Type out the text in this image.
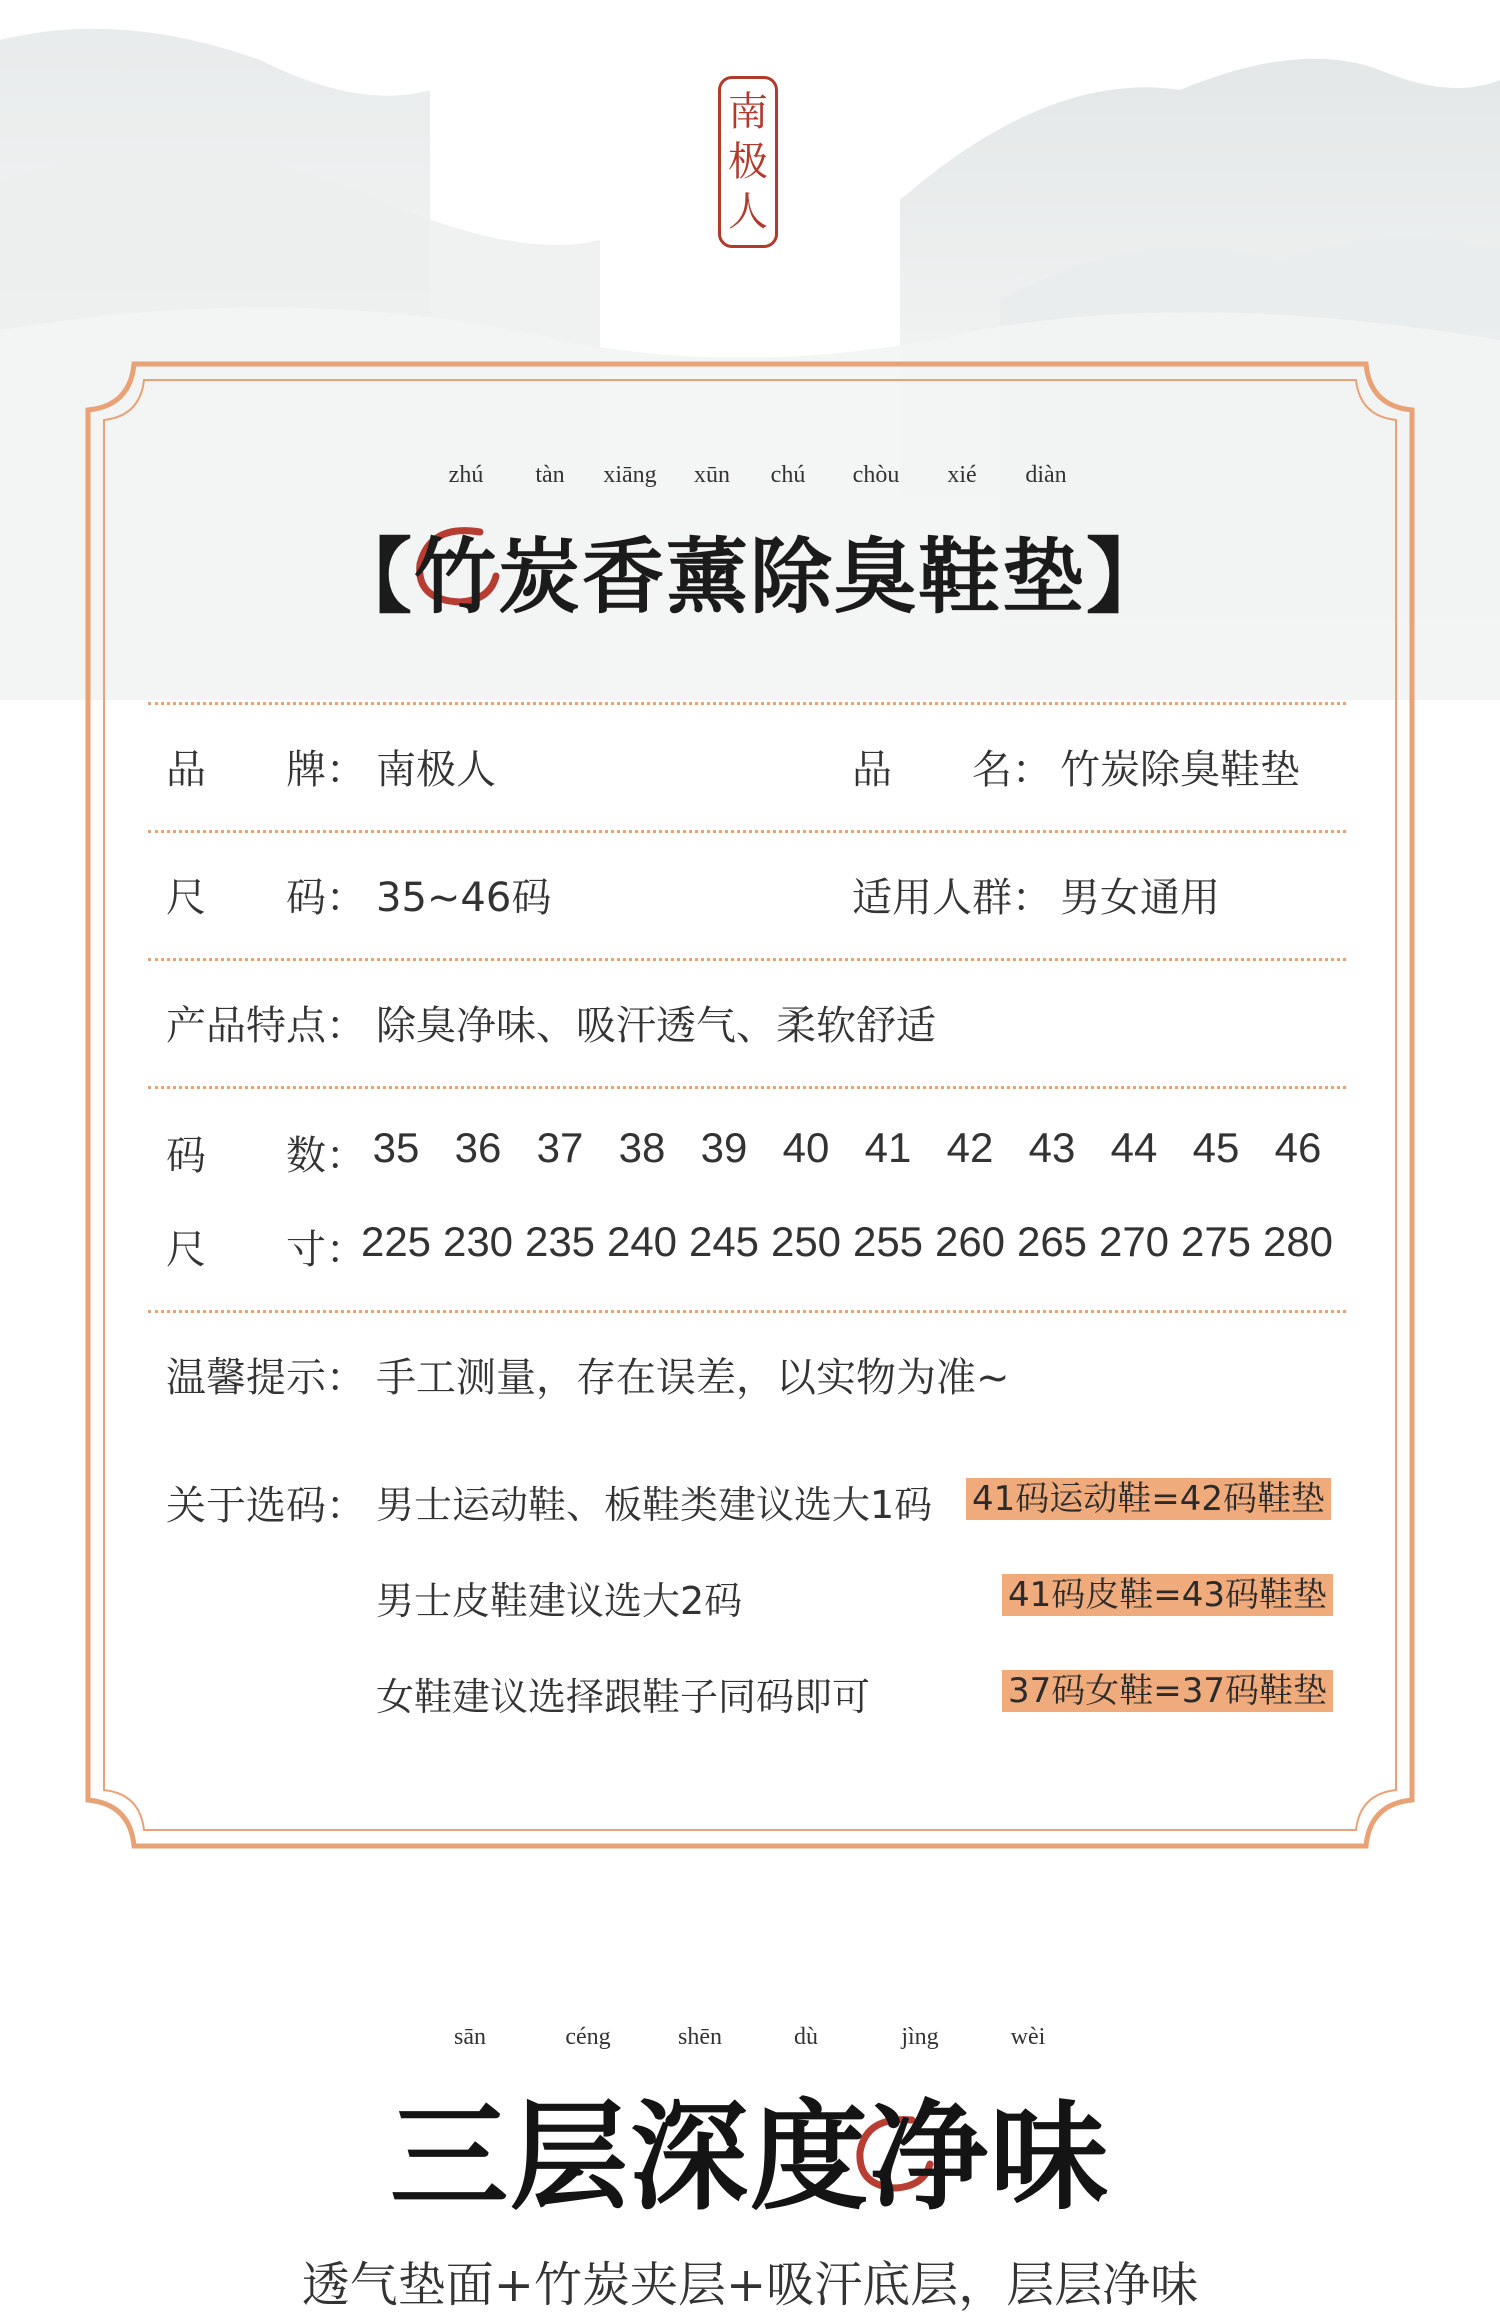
南
极
人
zhú tàn xiāng xūn chú chòu xié diàn
【竹炭香薰除臭鞋垫】
品　　牌： 南极人	品　　名： 竹炭除臭鞋垫
尺　　码： 35~46码	适用人群： 男女通用
产品特点： 除臭净味、吸汗透气、柔软舒适
码　　数： 35 36 37 38 39 40 41 42 43 44 45 46
尺　　寸：
225 230 235 240 245 250 255 260 265 270 275 280
温馨提示： 手工测量，存在误差，以实物为准~
关于选码： 男士运动鞋、板鞋类建议选大1码 41码运动鞋=42码鞋垫
男士皮鞋建议选大2码	41码皮鞋=43码鞋垫
女鞋建议选择跟鞋子同码即可	37码女鞋=37码鞋垫
sān	céng	shēn	dù	jìng	wèi
三层深度净味
透气垫面+竹炭夹层+吸汗底层，层层净味
